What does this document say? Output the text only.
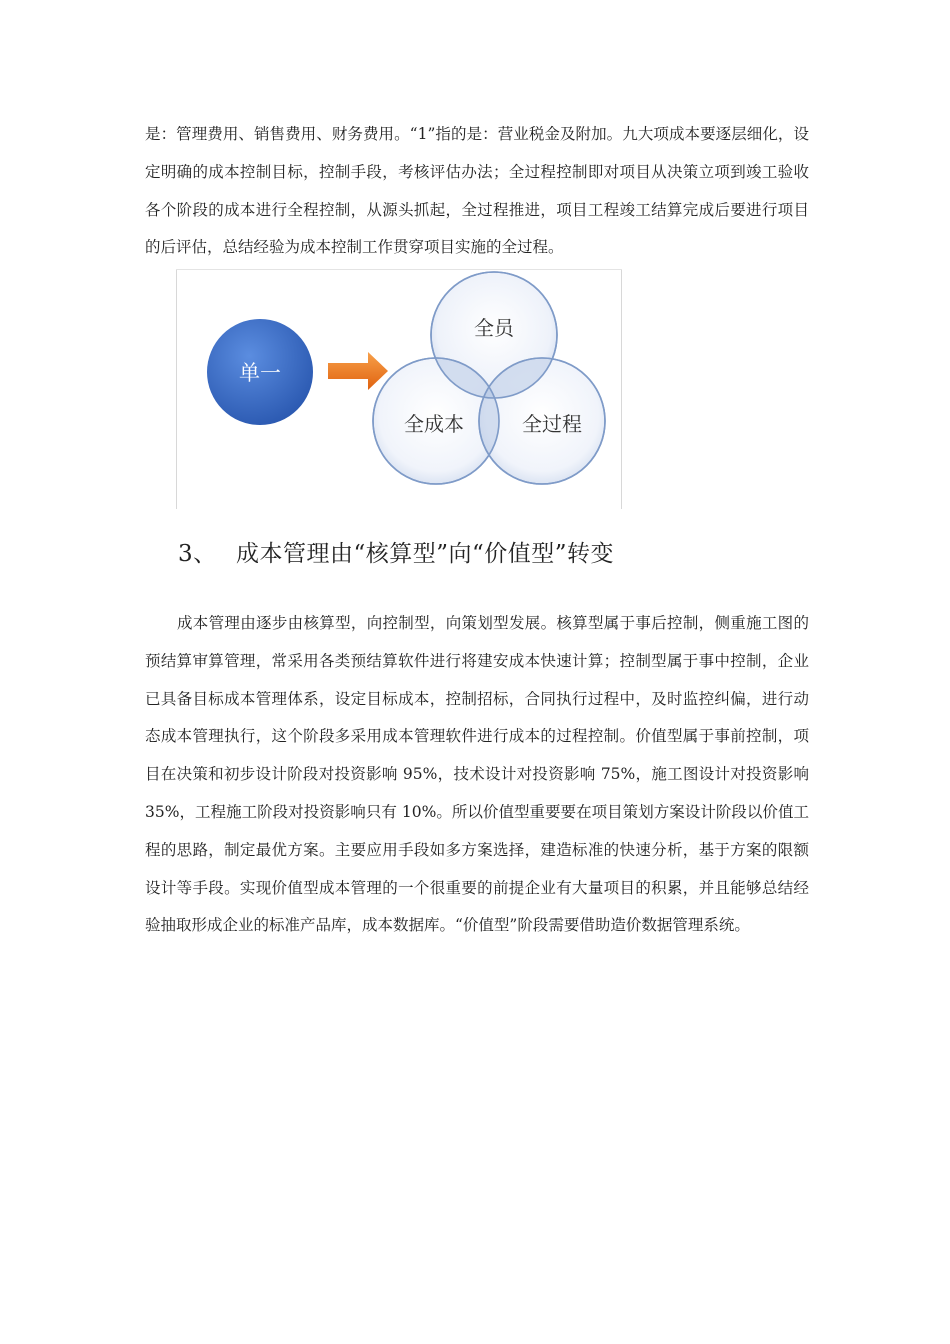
是：管理费用、销售费用、财务费用。“1”指的是：营业税金及附加。九大项成本要逐层细化，设定明确的成本控制目标，控制手段，考核评估办法；全过程控制即对项目从决策立项到竣工验收各个阶段的成本进行全程控制，从源头抓起，全过程推进，项目工程竣工结算完成后要进行项目的后评估，总结经验为成本控制工作贯穿项目实施的全过程。

单一
全员
全成本	全过程
3、 成本管理由“核算型”向“价值型”转变

成本管理由逐步由核算型，向控制型，向策划型发展。核算型属于事后控制，侧重施工图的预结算审算管理，常采用各类预结算软件进行将建安成本快速计算；控制型属于事中控制，企业已具备目标成本管理体系，设定目标成本，控制招标，合同执行过程中，及时监控纠偏，进行动态成本管理执行，这个阶段多采用成本管理软件进行成本的过程控制。价值型属于事前控制，项目在决策和初步设计阶段对投资影响 95%，技术设计对投资影响 75%，施工图设计对投资影响 35%，工程施工阶段对投资影响只有 10%。所以价值型重要要在项目策划方案设计阶段以价值工程的思路，制定最优方案。主要应用手段如多方案选择，建造标准的快速分析，基于方案的限额设计等手段。实现价值型成本管理的一个很重要的前提企业有大量项目的积累，并且能够总结经验抽取形成企业的标准产品库，成本数据库。“价值型”阶段需要借助造价数据管理系统。
